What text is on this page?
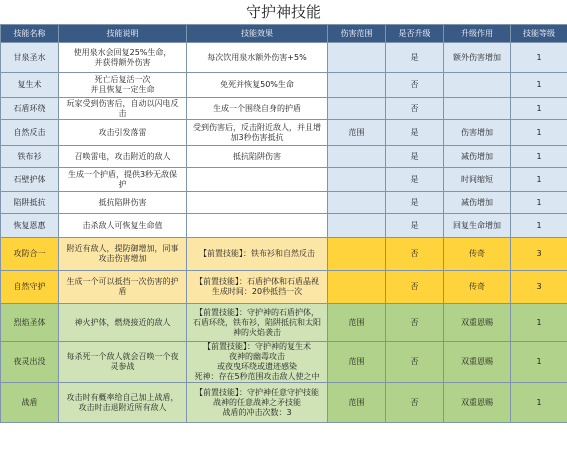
守护神技能
技能名称	技能说明	技能效果	伤害范围	是否升级	升级作用	技能等级

甘泉圣水	使用泉水会回复25%生命，
并获得额外伤害	每次饮用泉水额外伤害+5%		是	额外伤害增加	1

复生术	死亡后复活一次
并且恢复一定生命	免死并恢复50%生命		否		1

石盾环绕	玩家受到伤害后，自动以闪电反
击	生成一个围绕自身的护盾		否		1

自然反击	攻击引发落雷	受到伤害后，反击附近敌人，并且增
加3秒伤害抵抗	范围	是	伤害增加	1

铁布衫	召唤雷电，攻击附近的敌人	抵抗陷阱伤害		是	减伤增加	1

石壁护体	生成一个护盾，提供3秒无敌保
护			是	时间缩短	1

陷阱抵抗	抵抗陷阱伤害			是	减伤增加	1

恢复恩惠	击杀敌人可恢复生命值			是	回复生命增加	1

攻防合一	附近有敌人，提防御增加，同事
攻击伤害增加	【前置技能】：铁布衫和自然反击		否	传奇	3

自然守护	生成一个可以抵挡一次伤害的护
盾	【前置技能】：石盾护体和石盾晶视
生成时间：20秒抵挡一次		否	传奇	3

烈焰圣体	神火护体，燃烧接近的敌人	【前置技能】：守护神的石盾护体，
石盾环绕，铁布衫，陷阱抵抗和太阳
神的火焰袭击	范围	否	双重恩赐	1

夜灵出没	每杀死一个敌人就会召唤一个夜
灵参战	【前置技能】：守护神的复生术
夜神的幽毒攻击
或夜曳环绕或遗迹感染
死神：存在5秒范围攻击敌人使之中	范围	否	双重恩赐	1

战盾	攻击时有概率给自己加上战盾，
攻击时击退附近所有敌人	【前置技能】：守护神任意守护技能
战神的任意战神之矛技能
战盾的冲击次数：3	范围	否	双重恩赐	1
